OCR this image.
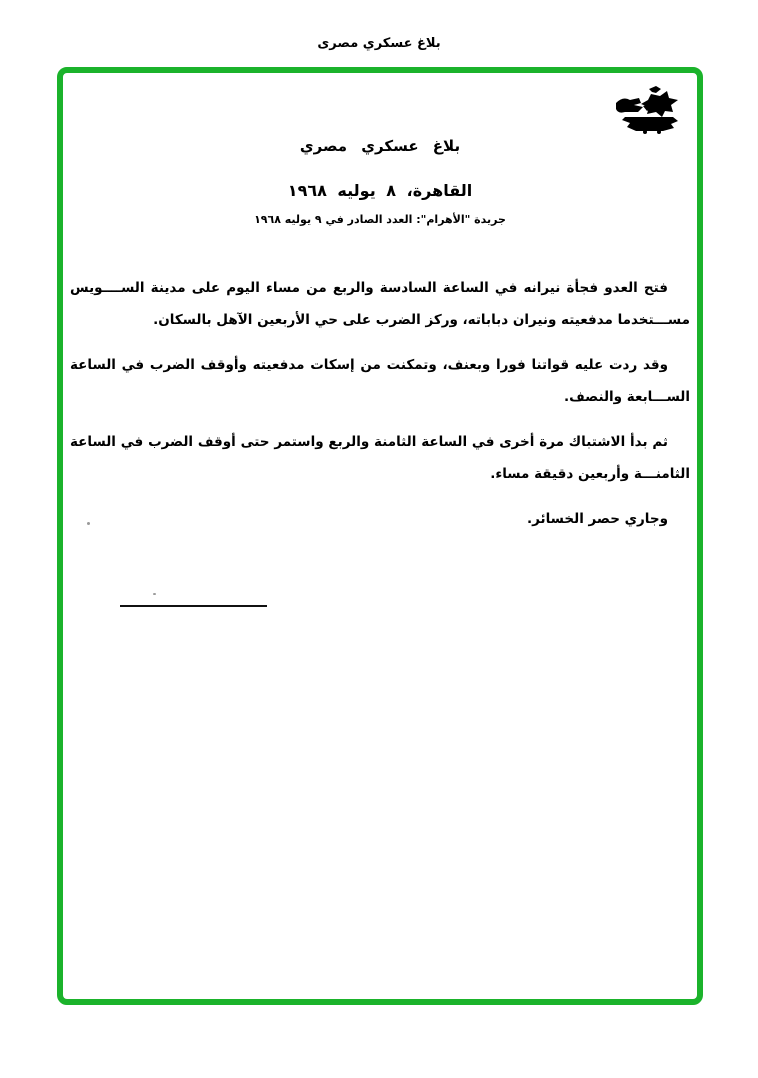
بلاغ عسكري مصرى
بلاغ عسكري مصري
القاهرة، ٨ يوليه ١٩٦٨
جريدة "الأهرام": العدد الصادر في ٩ يوليه ١٩٦٨

فتح العدو فجأة نيرانه في الساعة السادسة والربع من مساء اليوم على مدينة الســــويس مســـتخدما مدفعيته ونيران دباباته، وركز الضرب على حي الأربعين الآهل بالسكان.

وقد ردت عليه قواتنا فورا وبعنف، وتمكنت من إسكات مدفعيته وأوقف الضرب في الساعة الســـابعة والنصف.

ثم بدأ الاشتباك مرة أخرى في الساعة الثامنة والربع واستمر حتى أوقف الضرب في الساعة الثامنـــة وأربعين دقيقة مساء.

وجاري حصر الخسائر.
